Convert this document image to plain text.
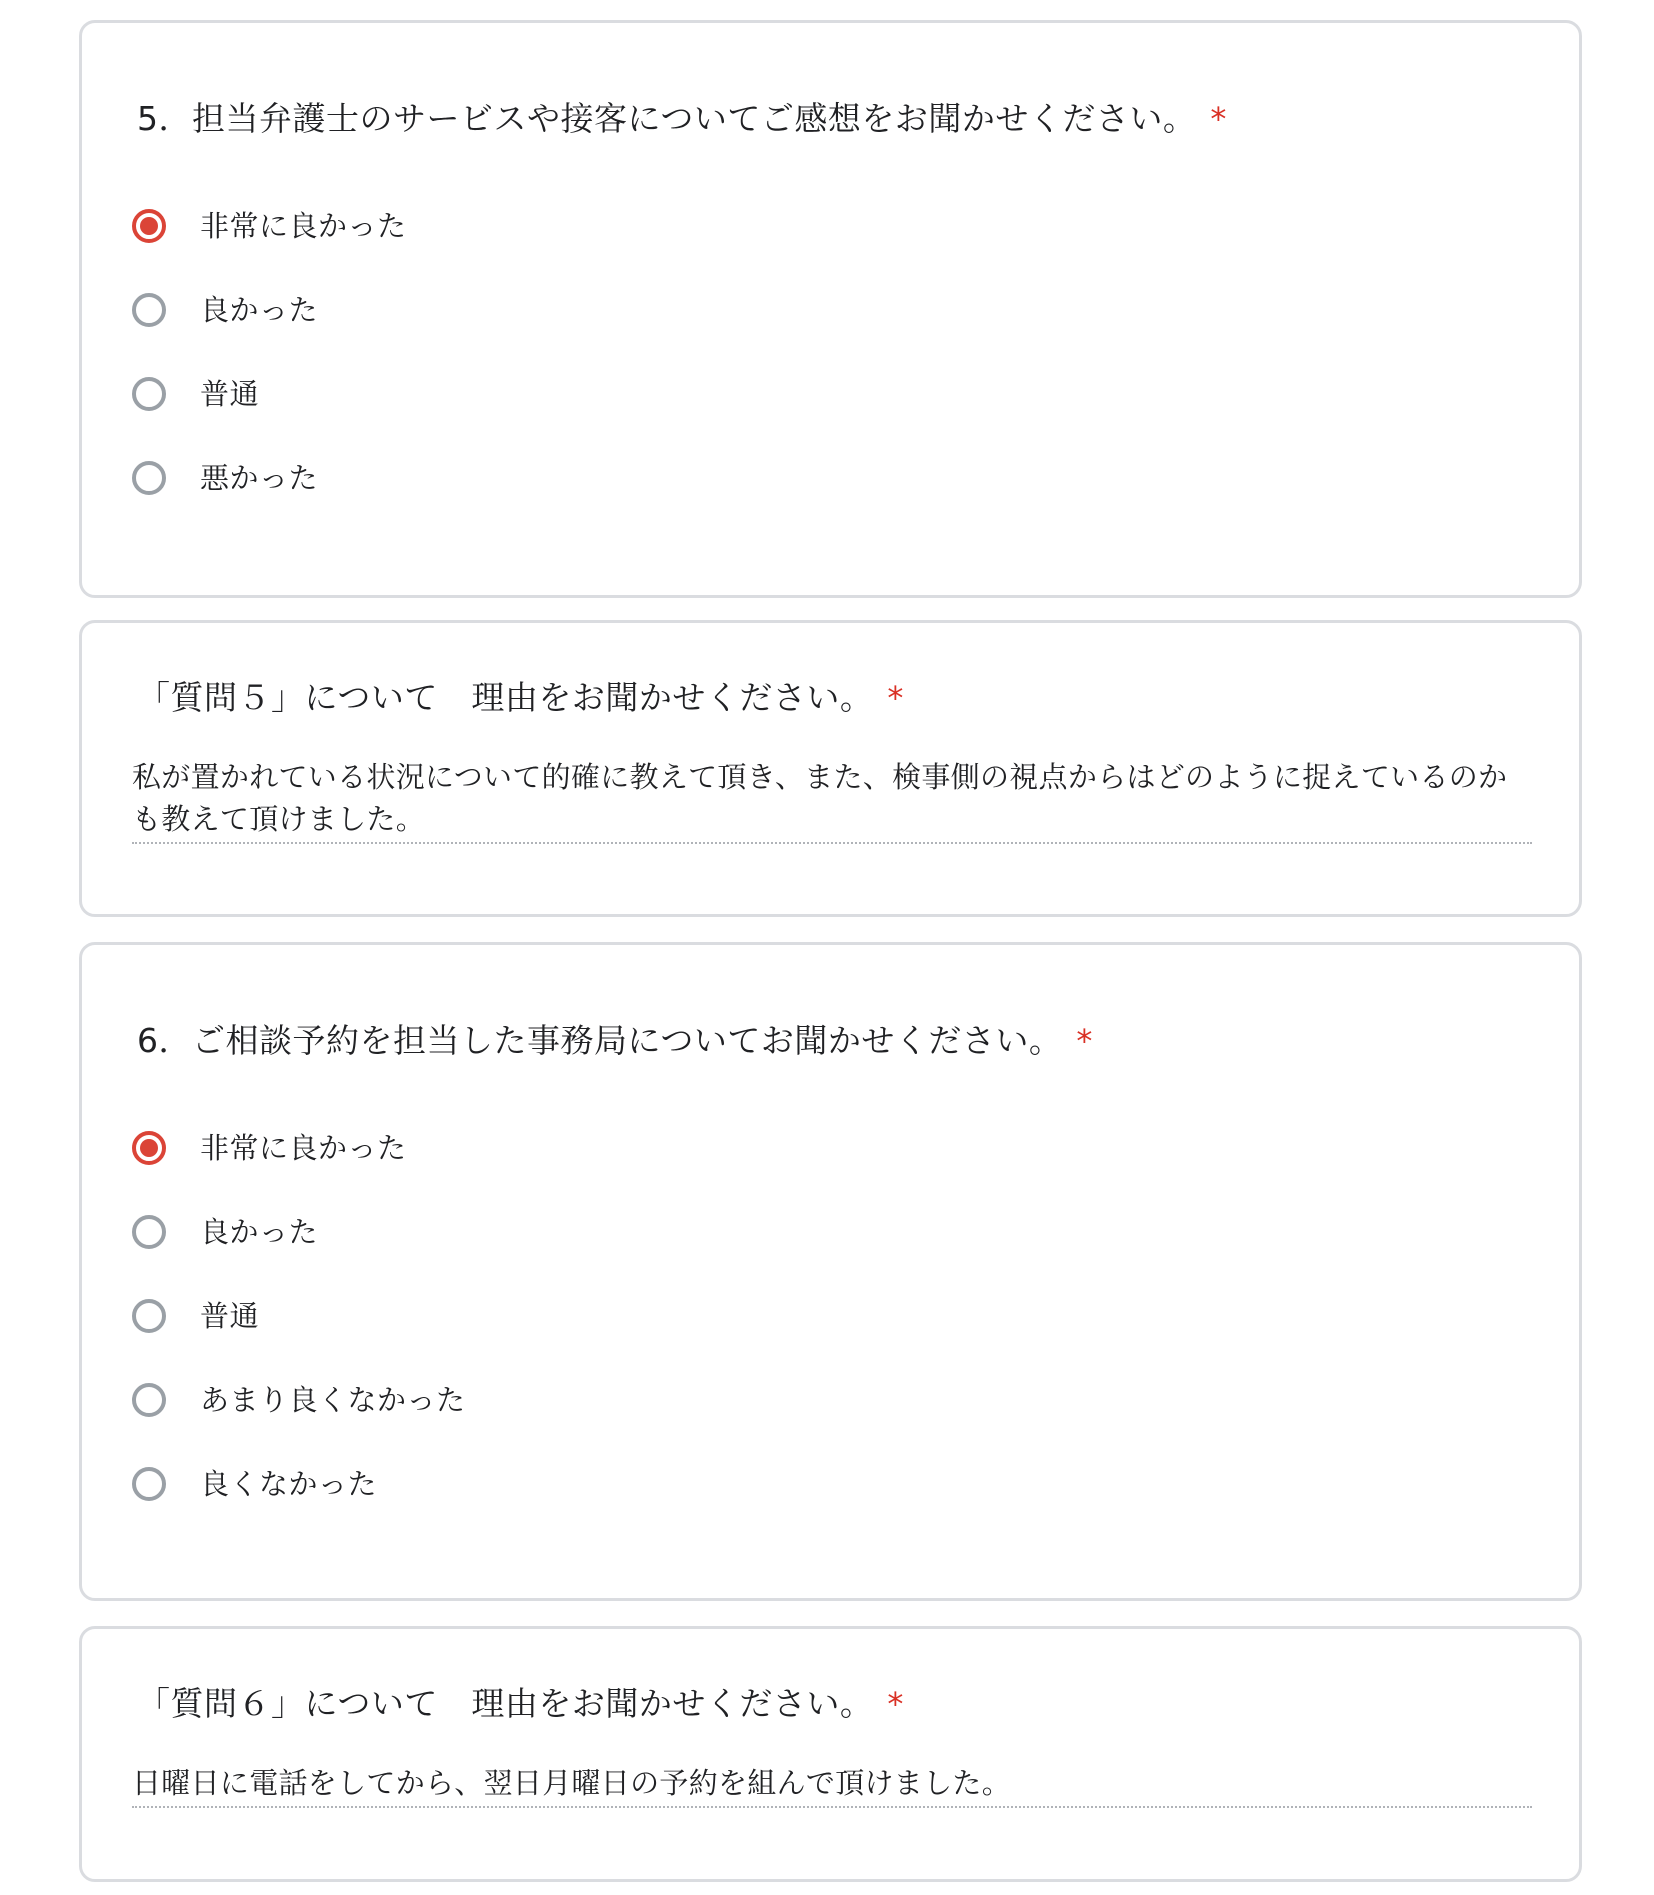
5．担当弁護士のサービスや接客についてご感想をお聞かせください。 *
非常に良かった
良かった
普通
悪かった
「質問５」について　理由をお聞かせください。 *
私が置かれている状況について的確に教えて頂き、また、検事側の視点からはどのように捉えているのかも教えて頂けました。
6．ご相談予約を担当した事務局についてお聞かせください。 *
非常に良かった
良かった
普通
あまり良くなかった
良くなかった
「質問６」について　理由をお聞かせください。 *
日曜日に電話をしてから、翌日月曜日の予約を組んで頂けました。
